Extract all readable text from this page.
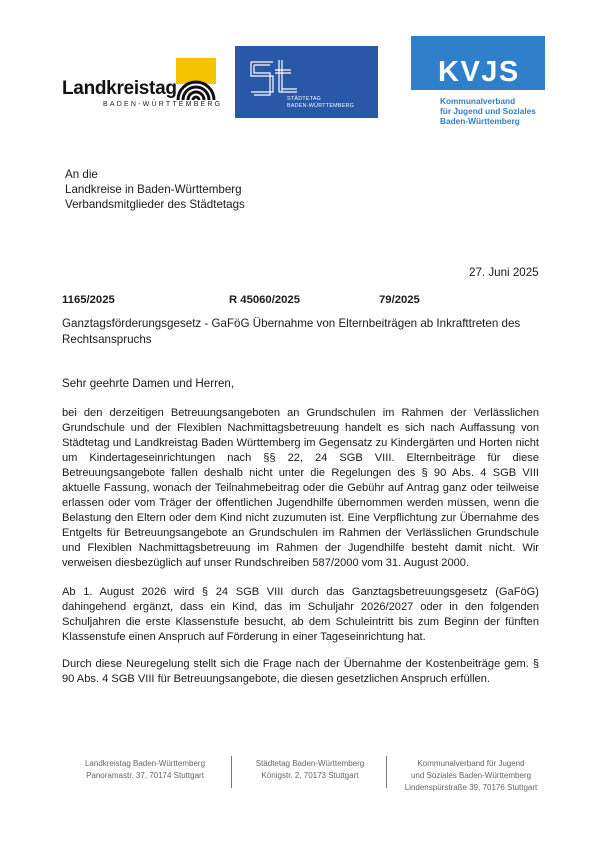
Landkreistag
BADEN-WÜRTTEMBERG
STÄDTETAG
BADEN-WÜRTTEMBERG
KVJS
Kommunalverband
für Jugend und Soziales
Baden-Württemberg
An die
Landkreise in Baden-Württemberg
Verbandsmitglieder des Städtetags
27. Juni 2025
1165/2025	R 45060/2025	79/2025
Ganztagsförderungsgesetz - GaFöG Übernahme von Elternbeiträgen ab Inkrafttreten des Rechtsanspruchs
Sehr geehrte Damen und Herren,
bei den derzeitigen Betreuungsangeboten an Grundschulen im Rahmen der Verlässlichen Grundschule und der Flexiblen Nachmittagsbetreuung handelt es sich nach Auffassung von Städtetag und Landkreistag Baden Württemberg im Gegensatz zu Kindergärten und Horten nicht um Kindertageseinrichtungen nach §§ 22, 24 SGB VIII. Elternbeiträge für diese Betreuungsangebote fallen deshalb nicht unter die Regelungen des § 90 Abs. 4 SGB VIII aktuelle Fassung, wonach der Teilnahmebeitrag oder die Gebühr auf Antrag ganz oder teilweise erlassen oder vom Träger der öffentlichen Jugendhilfe übernommen werden müssen, wenn die Belastung den Eltern oder dem Kind nicht zuzumuten ist. Eine Verpflichtung zur Übernahme des Entgelts für Betreuungsangebote an Grundschulen im Rahmen der Verlässlichen Grundschule und Flexiblen Nachmittagsbetreuung im Rahmen der Jugendhilfe besteht damit nicht. Wir verweisen diesbezüglich auf unser Rundschreiben 587/2000 vom 31. August 2000.
Ab 1. August 2026 wird § 24 SGB VIII durch das Ganztagsbetreuungsgesetz (GaFöG) dahingehend ergänzt, dass ein Kind, das im Schuljahr 2026/2027 oder in den folgenden Schuljahren die erste Klassenstufe besucht, ab dem Schuleintritt bis zum Beginn der fünften Klassenstufe einen Anspruch auf Förderung in einer Tageseinrichtung hat.
Durch diese Neuregelung stellt sich die Frage nach der Übernahme der Kostenbeiträge gem. § 90 Abs. 4 SGB VIII für Betreuungsangebote, die diesen gesetzlichen Anspruch erfüllen.
Landkreistag Baden-Württemberg
Panoramastr. 37, 70174 Stuttgart
Städtetag Baden-Württemberg
Königstr. 2, 70173 Stuttgart
Kommunalverband für Jugend
und Soziales Baden-Württemberg
Lindenspürstraße 39, 70176 Stuttgart
